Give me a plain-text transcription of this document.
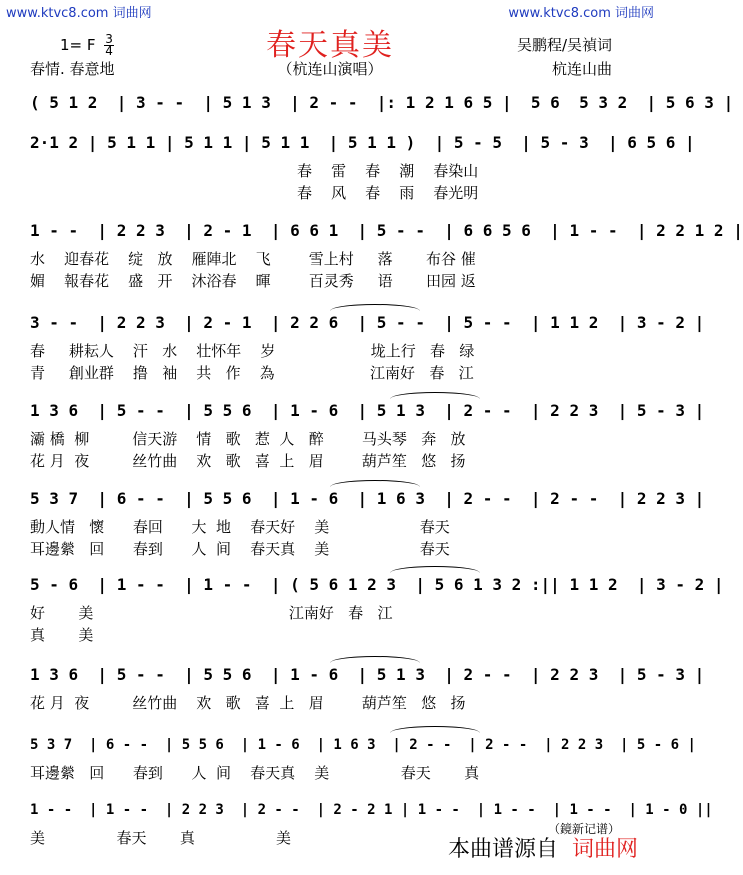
www.ktvc8.com 词曲网	www.ktvc8.com 词曲网
春天真美
1= F $\frac{3}{4}$	吴鹏程/吴禎词
春情. 春意地	（杭连山演唱）	杭连山曲
( 5 1 2  | 3 - -  | 5 1 3  | 2 - -  |: 1 2 1 6 5 |  5 6  5 3 2  | 5 6 3 |
2·1 2 | 5 1 1 | 5 1 1 | 5 1 1  | 5 1 1 )  | 5 - 5  | 5 - 3  | 6 5 6 |
春    雷    春    潮    春染山
春    风    春    雨    春光明
1 - -  | 2 2 3  | 2 - 1  | 6 6 1  | 5 - -  | 6 6 5 6  | 1 - -  | 2 2 1 2 |
水    迎春花    绽   放    雁陣北    飞        雪上村     落       布谷 催
媚    報春花    盛   开    沐浴春    暉        百灵秀     语       田园 返
3 - -  | 2 2 3  | 2 - 1  | 2 2 6  | 5 - -  | 5 - -  | 1 1 2  | 3 - 2 |
春     耕耘人    汗   水    壮怀年    岁                    垅上行   春   绿
青     創业群    撸   袖    共   作    為                    江南好   春   江
1 3 6  | 5 - -  | 5 5 6  | 1 - 6  | 5 1 3  | 2 - -  | 2 2 3  | 5 - 3 |
灞 橋  柳         信天游    情   歌   惹  人   醉        马头琴   奔   放
花 月  夜         丝竹曲    欢   歌   喜  上   眉        葫芦笙   悠   扬
5 3 7  | 6 - -  | 5 5 6  | 1 - 6  | 1 6 3  | 2 - -  | 2 - -  | 2 2 3 |
動人情   懷      春回      大  地    春天好    美                   春天
耳邊縈   回      春到      人  间    春天真    美                   春天
5 - 6  | 1 - -  | 1 - -  | ( 5 6 1 2 3  | 5 6 1 3 2 :|| 1 1 2  | 3 - 2 |
好       美                                         江南好   春   江
真       美
1 3 6  | 5 - -  | 5 5 6  | 1 - 6  | 5 1 3  | 2 - -  | 2 2 3  | 5 - 3 |
花 月  夜         丝竹曲    欢   歌   喜  上   眉        葫芦笙   悠   扬
5 3 7  | 6 - -  | 5 5 6  | 1 - 6  | 1 6 3  | 2 - -  | 2 - -  | 2 2 3  | 5 - 6 |
耳邊縈   回      春到      人  间    春天真    美               春天       真
1 - -  | 1 - -  | 2 2 3  | 2 - -  | 2 - 2 1 | 1 - -  | 1 - -  | 1 - -  | 1 - 0 ||
美               春天       真                 美	（鏡新记谱）
本曲谱源自 词曲网
